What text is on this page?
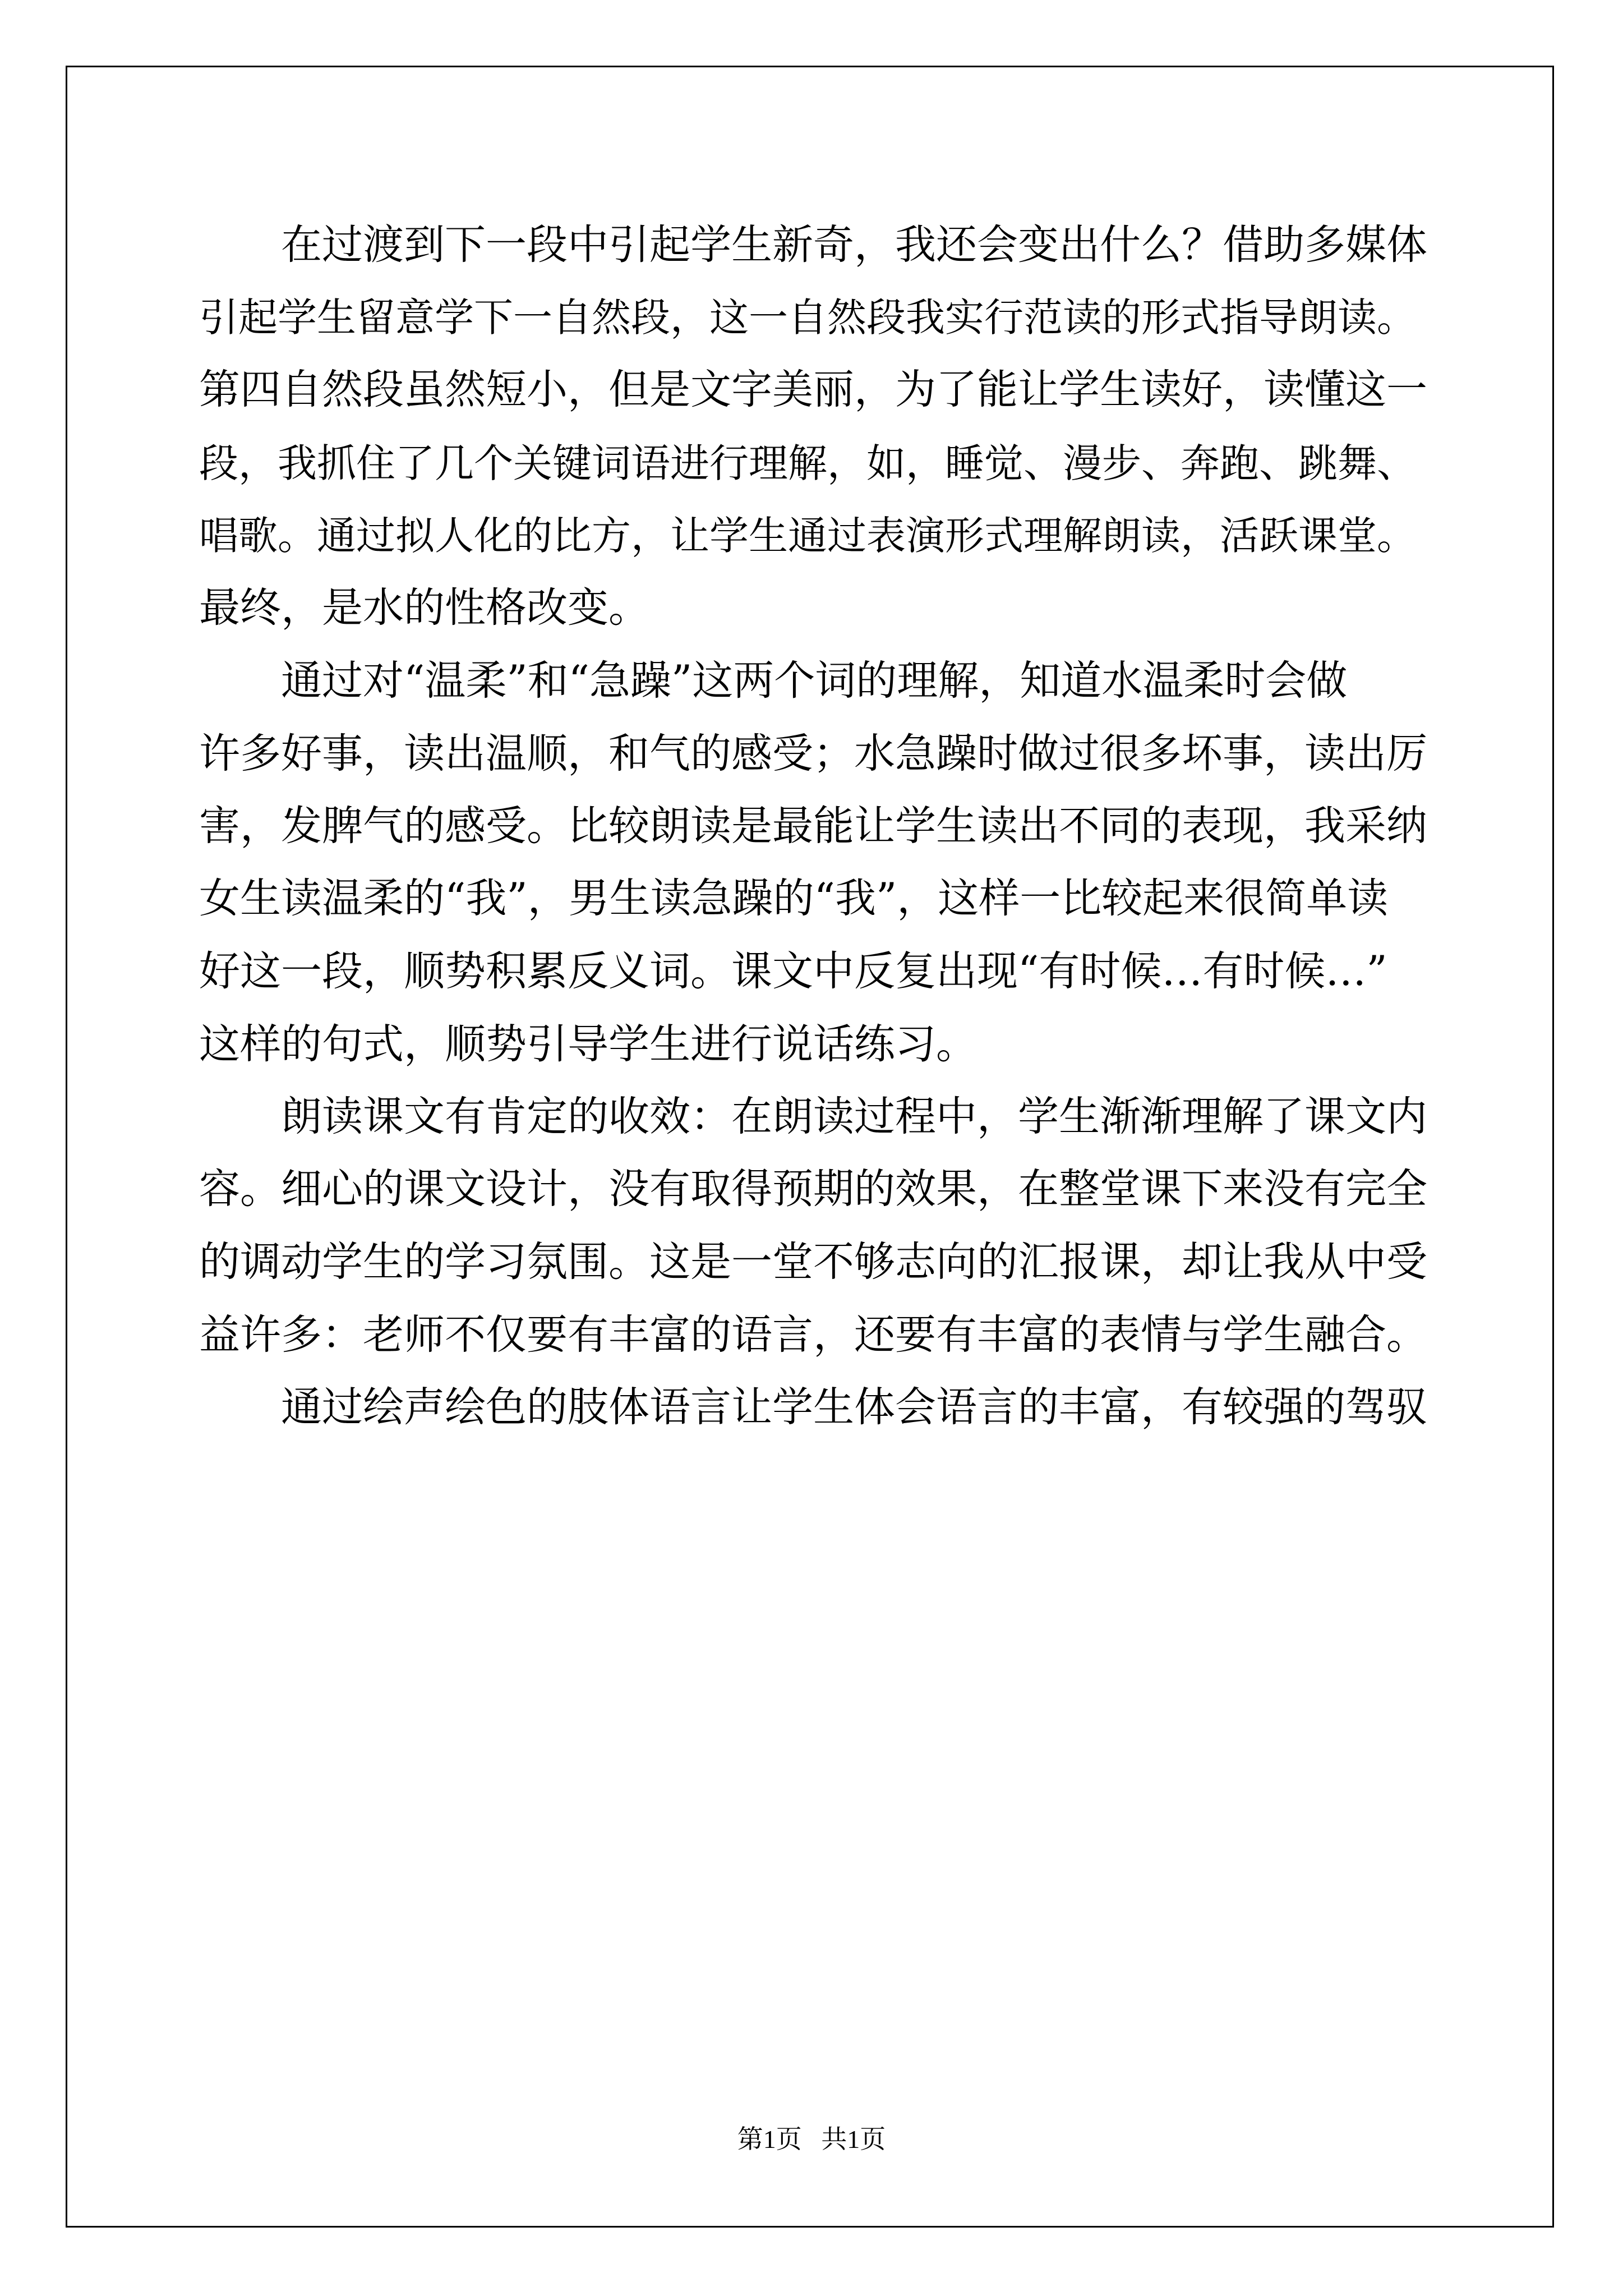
在过渡到下一段中引起学生新奇，我还会变出什么？借助多媒体
引起学生留意学下一自然段，这一自然段我实行范读的形式指导朗读。
第四自然段虽然短小，但是文字美丽，为了能让学生读好，读懂这一
段，我抓住了几个关键词语进行理解，如，睡觉、漫步、奔跑、跳舞、
唱歌。通过拟人化的比方，让学生通过表演形式理解朗读，活跃课堂。
最终，是水的性格改变。
通过对“温柔”和“急躁”这两个词的理解，知道水温柔时会做
许多好事，读出温顺，和气的感受；水急躁时做过很多坏事，读出厉
害，发脾气的感受。比较朗读是最能让学生读出不同的表现，我采纳
女生读温柔的“我”，男生读急躁的“我”，这样一比较起来很简单读
好这一段，顺势积累反义词。课文中反复出现“有时候…有时候…”
这样的句式，顺势引导学生进行说话练习。
朗读课文有肯定的收效：在朗读过程中，学生渐渐理解了课文内
容。细心的课文设计，没有取得预期的效果，在整堂课下来没有完全
的调动学生的学习氛围。这是一堂不够志向的汇报课，却让我从中受
益许多：老师不仅要有丰富的语言，还要有丰富的表情与学生融合。
通过绘声绘色的肢体语言让学生体会语言的丰富，有较强的驾驭
第1页   共1页
